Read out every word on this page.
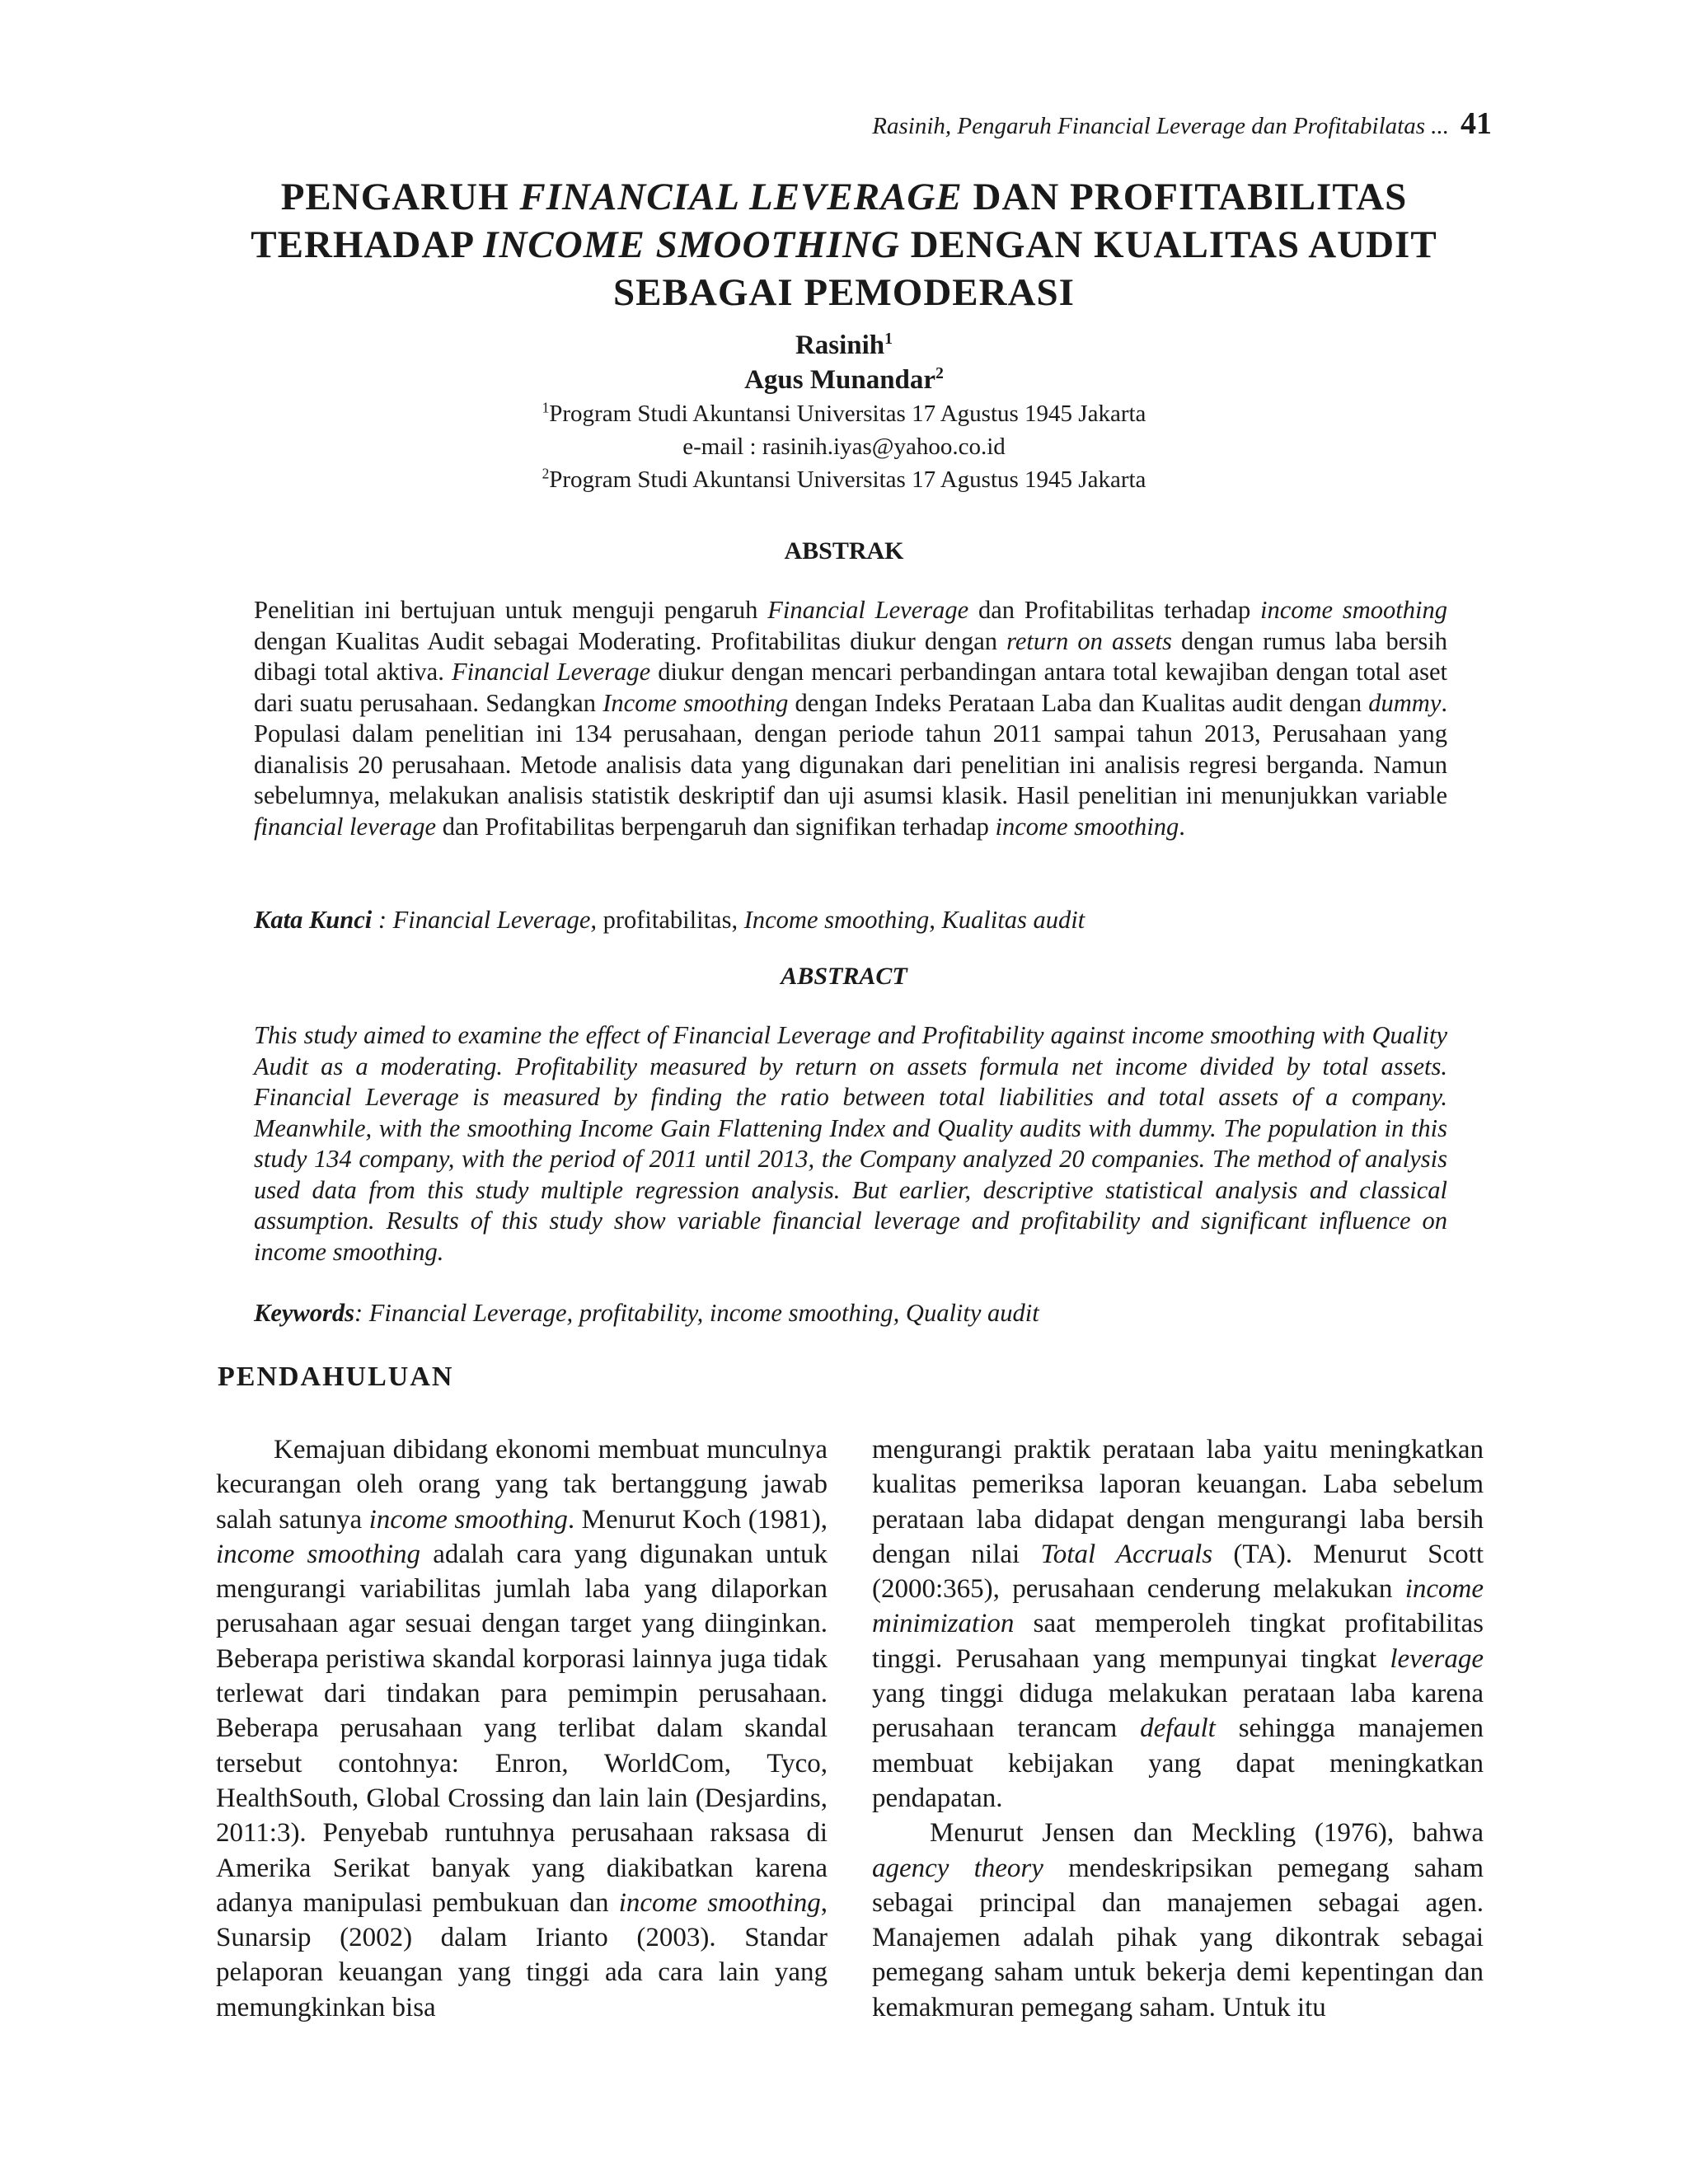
Rasinih, Pengaruh Financial Leverage dan Profitabilatas ... 41
PENGARUH FINANCIAL LEVERAGE DAN PROFITABILITAS
TERHADAP INCOME SMOOTHING DENGAN KUALITAS AUDIT
SEBAGAI PEMODERASI
Rasinih$^1$
Agus Munandar$^2$
$^1$Program Studi Akuntansi Universitas 17 Agustus 1945 Jakarta
e-mail : rasinih.iyas@yahoo.co.id
$^2$Program Studi Akuntansi Universitas 17 Agustus 1945 Jakarta
ABSTRAK
Penelitian ini bertujuan untuk menguji pengaruh Financial Leverage dan Profitabilitas terhadap income smoothing dengan Kualitas Audit sebagai Moderating. Profitabilitas diukur dengan return on assets dengan rumus laba bersih dibagi total aktiva. Financial Leverage diukur dengan mencari perbandingan antara total kewajiban dengan total aset dari suatu perusahaan. Sedangkan Income smoothing dengan Indeks Perataan Laba dan Kualitas audit dengan dummy. Populasi dalam penelitian ini 134 perusahaan, dengan periode tahun 2011 sampai tahun 2013, Perusahaan yang dianalisis 20 perusahaan. Metode analisis data yang digunakan dari penelitian ini analisis regresi berganda. Namun sebelumnya, melakukan analisis statistik deskriptif dan uji asumsi klasik. Hasil penelitian ini menunjukkan variable financial leverage dan Profitabilitas berpengaruh dan signifikan terhadap income smoothing.
Kata Kunci : Financial Leverage, profitabilitas, Income smoothing, Kualitas audit
ABSTRACT
This study aimed to examine the effect of Financial Leverage and Profitability against income smoothing with Quality Audit as a moderating. Profitability measured by return on assets formula net income divided by total assets. Financial Leverage is measured by finding the ratio between total liabilities and total assets of a company. Meanwhile, with the smoothing Income Gain Flattening Index and Quality audits with dummy. The population in this study 134 company, with the period of 2011 until 2013, the Company analyzed 20 companies. The method of analysis used data from this study multiple regression analysis. But earlier, descriptive statistical analysis and classical assumption. Results of this study show variable financial leverage and profitability and significant influence on income smoothing.
Keywords: Financial Leverage, profitability, income smoothing, Quality audit
PENDAHULUAN

Kemajuan dibidang ekonomi membuat munculnya kecurangan oleh orang yang tak bertanggung jawab salah satunya income smoothing. Menurut Koch (1981), income smoothing adalah cara yang digunakan untuk mengurangi variabilitas jumlah laba yang dilaporkan perusahaan agar sesuai dengan target yang diinginkan. Beberapa peristiwa skandal korporasi lainnya juga tidak terlewat dari tindakan para pemimpin perusahaan. Beberapa perusahaan yang terlibat dalam skandal tersebut contohnya: Enron, WorldCom, Tyco, HealthSouth, Global Crossing dan lain lain (Desjardins, 2011:3). Penyebab runtuhnya perusahaan raksasa di Amerika Serikat banyak yang diakibatkan karena adanya manipulasi pembukuan dan income smoothing, Sunarsip (2002) dalam Irianto (2003). Standar pelaporan keuangan yang tinggi ada cara lain yang memungkinkan bisa

mengurangi praktik perataan laba yaitu meningkatkan kualitas pemeriksa laporan keuangan. Laba sebelum perataan laba didapat dengan mengurangi laba bersih dengan nilai Total Accruals (TA). Menurut Scott (2000:365), perusahaan cenderung melakukan income minimization saat memperoleh tingkat profitabilitas tinggi. Perusahaan yang mempunyai tingkat leverage yang tinggi diduga melakukan perataan laba karena perusahaan terancam default sehingga manajemen membuat kebijakan yang dapat meningkatkan pendapatan.

Menurut Jensen dan Meckling (1976), bahwa agency theory mendeskripsikan pemegang saham sebagai principal dan manajemen sebagai agen. Manajemen adalah pihak yang dikontrak sebagai pemegang saham untuk bekerja demi kepentingan dan kemakmuran pemegang saham. Untuk itu
